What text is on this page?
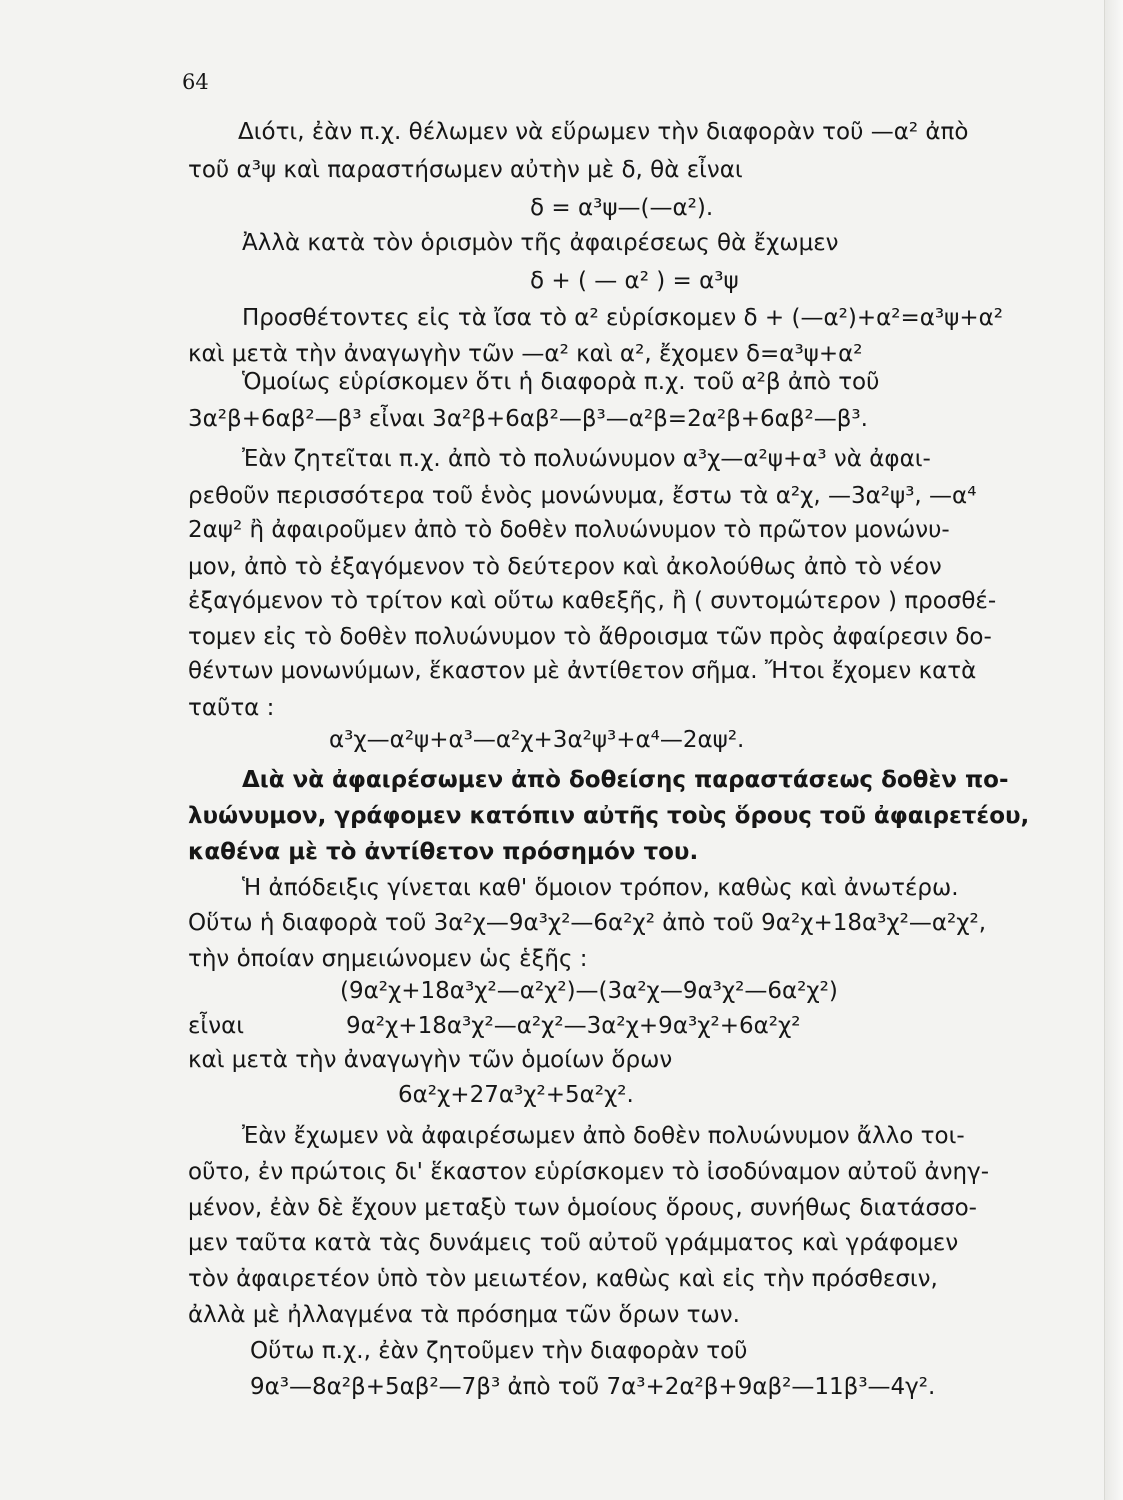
64
Διότι, ἐὰν π.χ. θέλωμεν νὰ εὕρωμεν τὴν διαφορὰν τοῦ —α² ἀπὸ
τοῦ α³ψ καὶ παραστήσωμεν αὐτὴν μὲ δ, θὰ εἶναι
δ = α³ψ—(—α²).
Ἀλλὰ κατὰ τὸν ὁρισμὸν τῆς ἀφαιρέσεως θὰ ἔχωμεν
δ + ( — α² ) = α³ψ
Προσθέτοντες εἰς τὰ ἴσα τὸ α² εὑρίσκομεν δ + (—α²)+α²=α³ψ+α²
καὶ μετὰ τὴν ἀναγωγὴν τῶν —α² καὶ α², ἔχομεν δ=α³ψ+α²
Ὁμοίως εὑρίσκομεν ὅτι ἡ διαφορὰ π.χ. τοῦ α²β ἀπὸ τοῦ
3α²β+6αβ²—β³ εἶναι 3α²β+6αβ²—β³—α²β=2α²β+6αβ²—β³.
Ἐὰν ζητεῖται π.χ. ἀπὸ τὸ πολυώνυμον α³χ—α²ψ+α³ νὰ ἀφαι-
ρεθοῦν περισσότερα τοῦ ἑνὸς μονώνυμα, ἔστω τὰ α²χ, —3α²ψ³, —α⁴
2αψ² ἢ ἀφαιροῦμεν ἀπὸ τὸ δοθὲν πολυώνυμον τὸ πρῶτον μονώνυ-
μον, ἀπὸ τὸ ἐξαγόμενον τὸ δεύτερον καὶ ἀκολούθως ἀπὸ τὸ νέον
ἐξαγόμενον τὸ τρίτον καὶ οὕτω καθεξῆς, ἢ ( συντομώτερον ) προσθέ-
τομεν εἰς τὸ δοθὲν πολυώνυμον τὸ ἄθροισμα τῶν πρὸς ἀφαίρεσιν δο-
θέντων μονωνύμων, ἕκαστον μὲ ἀντίθετον σῆμα. Ἤτοι ἔχομεν κατὰ
ταῦτα :
α³χ—α²ψ+α³—α²χ+3α²ψ³+α⁴—2αψ².
Διὰ νὰ ἀφαιρέσωμεν ἀπὸ δοθείσης παραστάσεως δοθὲν πο-
λυώνυμον, γράφομεν κατόπιν αὐτῆς τοὺς ὅρους τοῦ ἀφαιρετέου,
καθένα μὲ τὸ ἀντίθετον πρόσημόν του.
Ἡ ἀπόδειξις γίνεται καθ' ὅμοιον τρόπον, καθὼς καὶ ἀνωτέρω.
Οὕτω ἡ διαφορὰ τοῦ 3α²χ—9α³χ²—6α²χ² ἀπὸ τοῦ 9α²χ+18α³χ²—α²χ²,
τὴν ὁποίαν σημειώνομεν ὡς ἑξῆς :
(9α²χ+18α³χ²—α²χ²)—(3α²χ—9α³χ²—6α²χ²)
εἶναι	9α²χ+18α³χ²—α²χ²—3α²χ+9α³χ²+6α²χ²
καὶ μετὰ τὴν ἀναγωγὴν τῶν ὁμοίων ὅρων
6α²χ+27α³χ²+5α²χ².
Ἐὰν ἔχωμεν νὰ ἀφαιρέσωμεν ἀπὸ δοθὲν πολυώνυμον ἄλλο τοι-
οῦτο, ἐν πρώτοις δι' ἕκαστον εὑρίσκομεν τὸ ἰσοδύναμον αὐτοῦ ἀνηγ-
μένον, ἐὰν δὲ ἔχουν μεταξὺ των ὁμοίους ὅρους, συνήθως διατάσσο-
μεν ταῦτα κατὰ τὰς δυνάμεις τοῦ αὐτοῦ γράμματος καὶ γράφομεν
τὸν ἀφαιρετέον ὑπὸ τὸν μειωτέον, καθὼς καὶ εἰς τὴν πρόσθεσιν,
ἀλλὰ μὲ ἠλλαγμένα τὰ πρόσημα τῶν ὅρων των.
Οὕτω π.χ., ἐὰν ζητοῦμεν τὴν διαφορὰν τοῦ
9α³—8α²β+5αβ²—7β³ ἀπὸ τοῦ 7α³+2α²β+9αβ²—11β³—4γ².
